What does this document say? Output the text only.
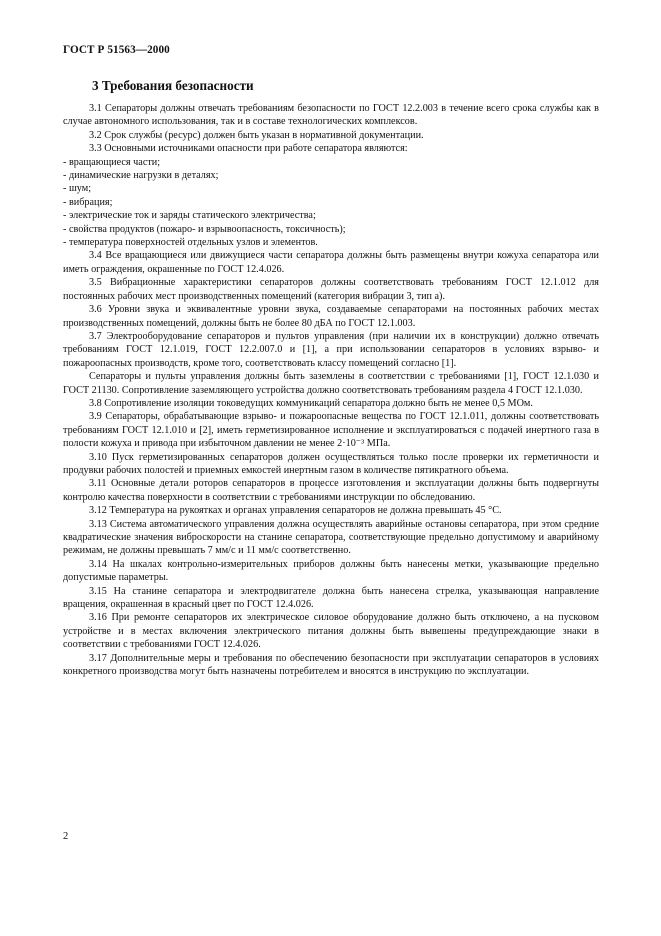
ГОСТ Р 51563—2000
3 Требования безопасности

3.1 Сепараторы должны отвечать требованиям безопасности по ГОСТ 12.2.003 в течение всего срока службы как в случае автономного использования, так и в составе технологических комплексов.

3.2 Срок службы (ресурс) должен быть указан в нормативной документации.

3.3 Основными источниками опасности при работе сепаратора являются:

- вращающиеся части;

- динамические нагрузки в деталях;

- шум;

- вибрация;

- электрические ток и заряды статического электричества;

- свойства продуктов (пожаро- и взрывоопасность, токсичность);

- температура поверхностей отдельных узлов и элементов.

3.4 Все вращающиеся или движущиеся части сепаратора должны быть размещены внутри кожуха сепаратора или иметь ограждения, окрашенные по ГОСТ 12.4.026.

3.5 Вибрационные характеристики сепараторов должны соответствовать требованиям ГОСТ 12.1.012 для постоянных рабочих мест производственных помещений (категория вибрации 3, тип а).

3.6 Уровни звука и эквивалентные уровни звука, создаваемые сепараторами на постоянных рабочих местах производственных помещений, должны быть не более 80 дБА по ГОСТ 12.1.003.

3.7 Электрооборудование сепараторов и пультов управления (при наличии их в конструкции) должно отвечать требованиям ГОСТ 12.1.019, ГОСТ 12.2.007.0 и [1], а при использовании сепараторов в условиях взрыво- и пожароопасных производств, кроме того, соответствовать классу помещений согласно [1].

Сепараторы и пульты управления должны быть заземлены в соответствии с требованиями [1], ГОСТ 12.1.030 и ГОСТ 21130. Сопротивление заземляющего устройства должно соответствовать требованиям раздела 4 ГОСТ 12.1.030.

3.8 Сопротивление изоляции токоведущих коммуникаций сепаратора должно быть не менее 0,5 МОм.

3.9 Сепараторы, обрабатывающие взрыво- и пожароопасные вещества по ГОСТ 12.1.011, должны соответствовать требованиям ГОСТ 12.1.010 и [2], иметь герметизированное исполнение и эксплуатироваться с подачей инертного газа в полости кожуха и привода при избыточном давлении не менее 2·10⁻³ МПа.

3.10 Пуск герметизированных сепараторов должен осуществляться только после проверки их герметичности и продувки рабочих полостей и приемных емкостей инертным газом в количестве пятикратного объема.

3.11 Основные детали роторов сепараторов в процессе изготовления и эксплуатации должны быть подвергнуты контролю качества поверхности в соответствии с требованиями инструкции по обследованию.

3.12 Температура на рукоятках и органах управления сепараторов не должна превышать 45 °С.

3.13 Система автоматического управления должна осуществлять аварийные остановы сепаратора, при этом средние квадратические значения виброскорости на станине сепаратора, соответствующие предельно допустимому и аварийному режимам, не должны превышать 7 мм/с и 11 мм/с соответственно.

3.14 На шкалах контрольно-измерительных приборов должны быть нанесены метки, указывающие предельно допустимые параметры.

3.15 На станине сепаратора и электродвигателе должна быть нанесена стрелка, указывающая направление вращения, окрашенная в красный цвет по ГОСТ 12.4.026.

3.16 При ремонте сепараторов их электрическое силовое оборудование должно быть отключено, а на пусковом устройстве и в местах включения электрического питания должны быть вывешены предупреждающие знаки в соответствии с требованиями ГОСТ 12.4.026.

3.17 Дополнительные меры и требования по обеспечению безопасности при эксплуатации сепараторов в условиях конкретного производства могут быть назначены потребителем и вносятся в инструкцию по эксплуатации.

2
